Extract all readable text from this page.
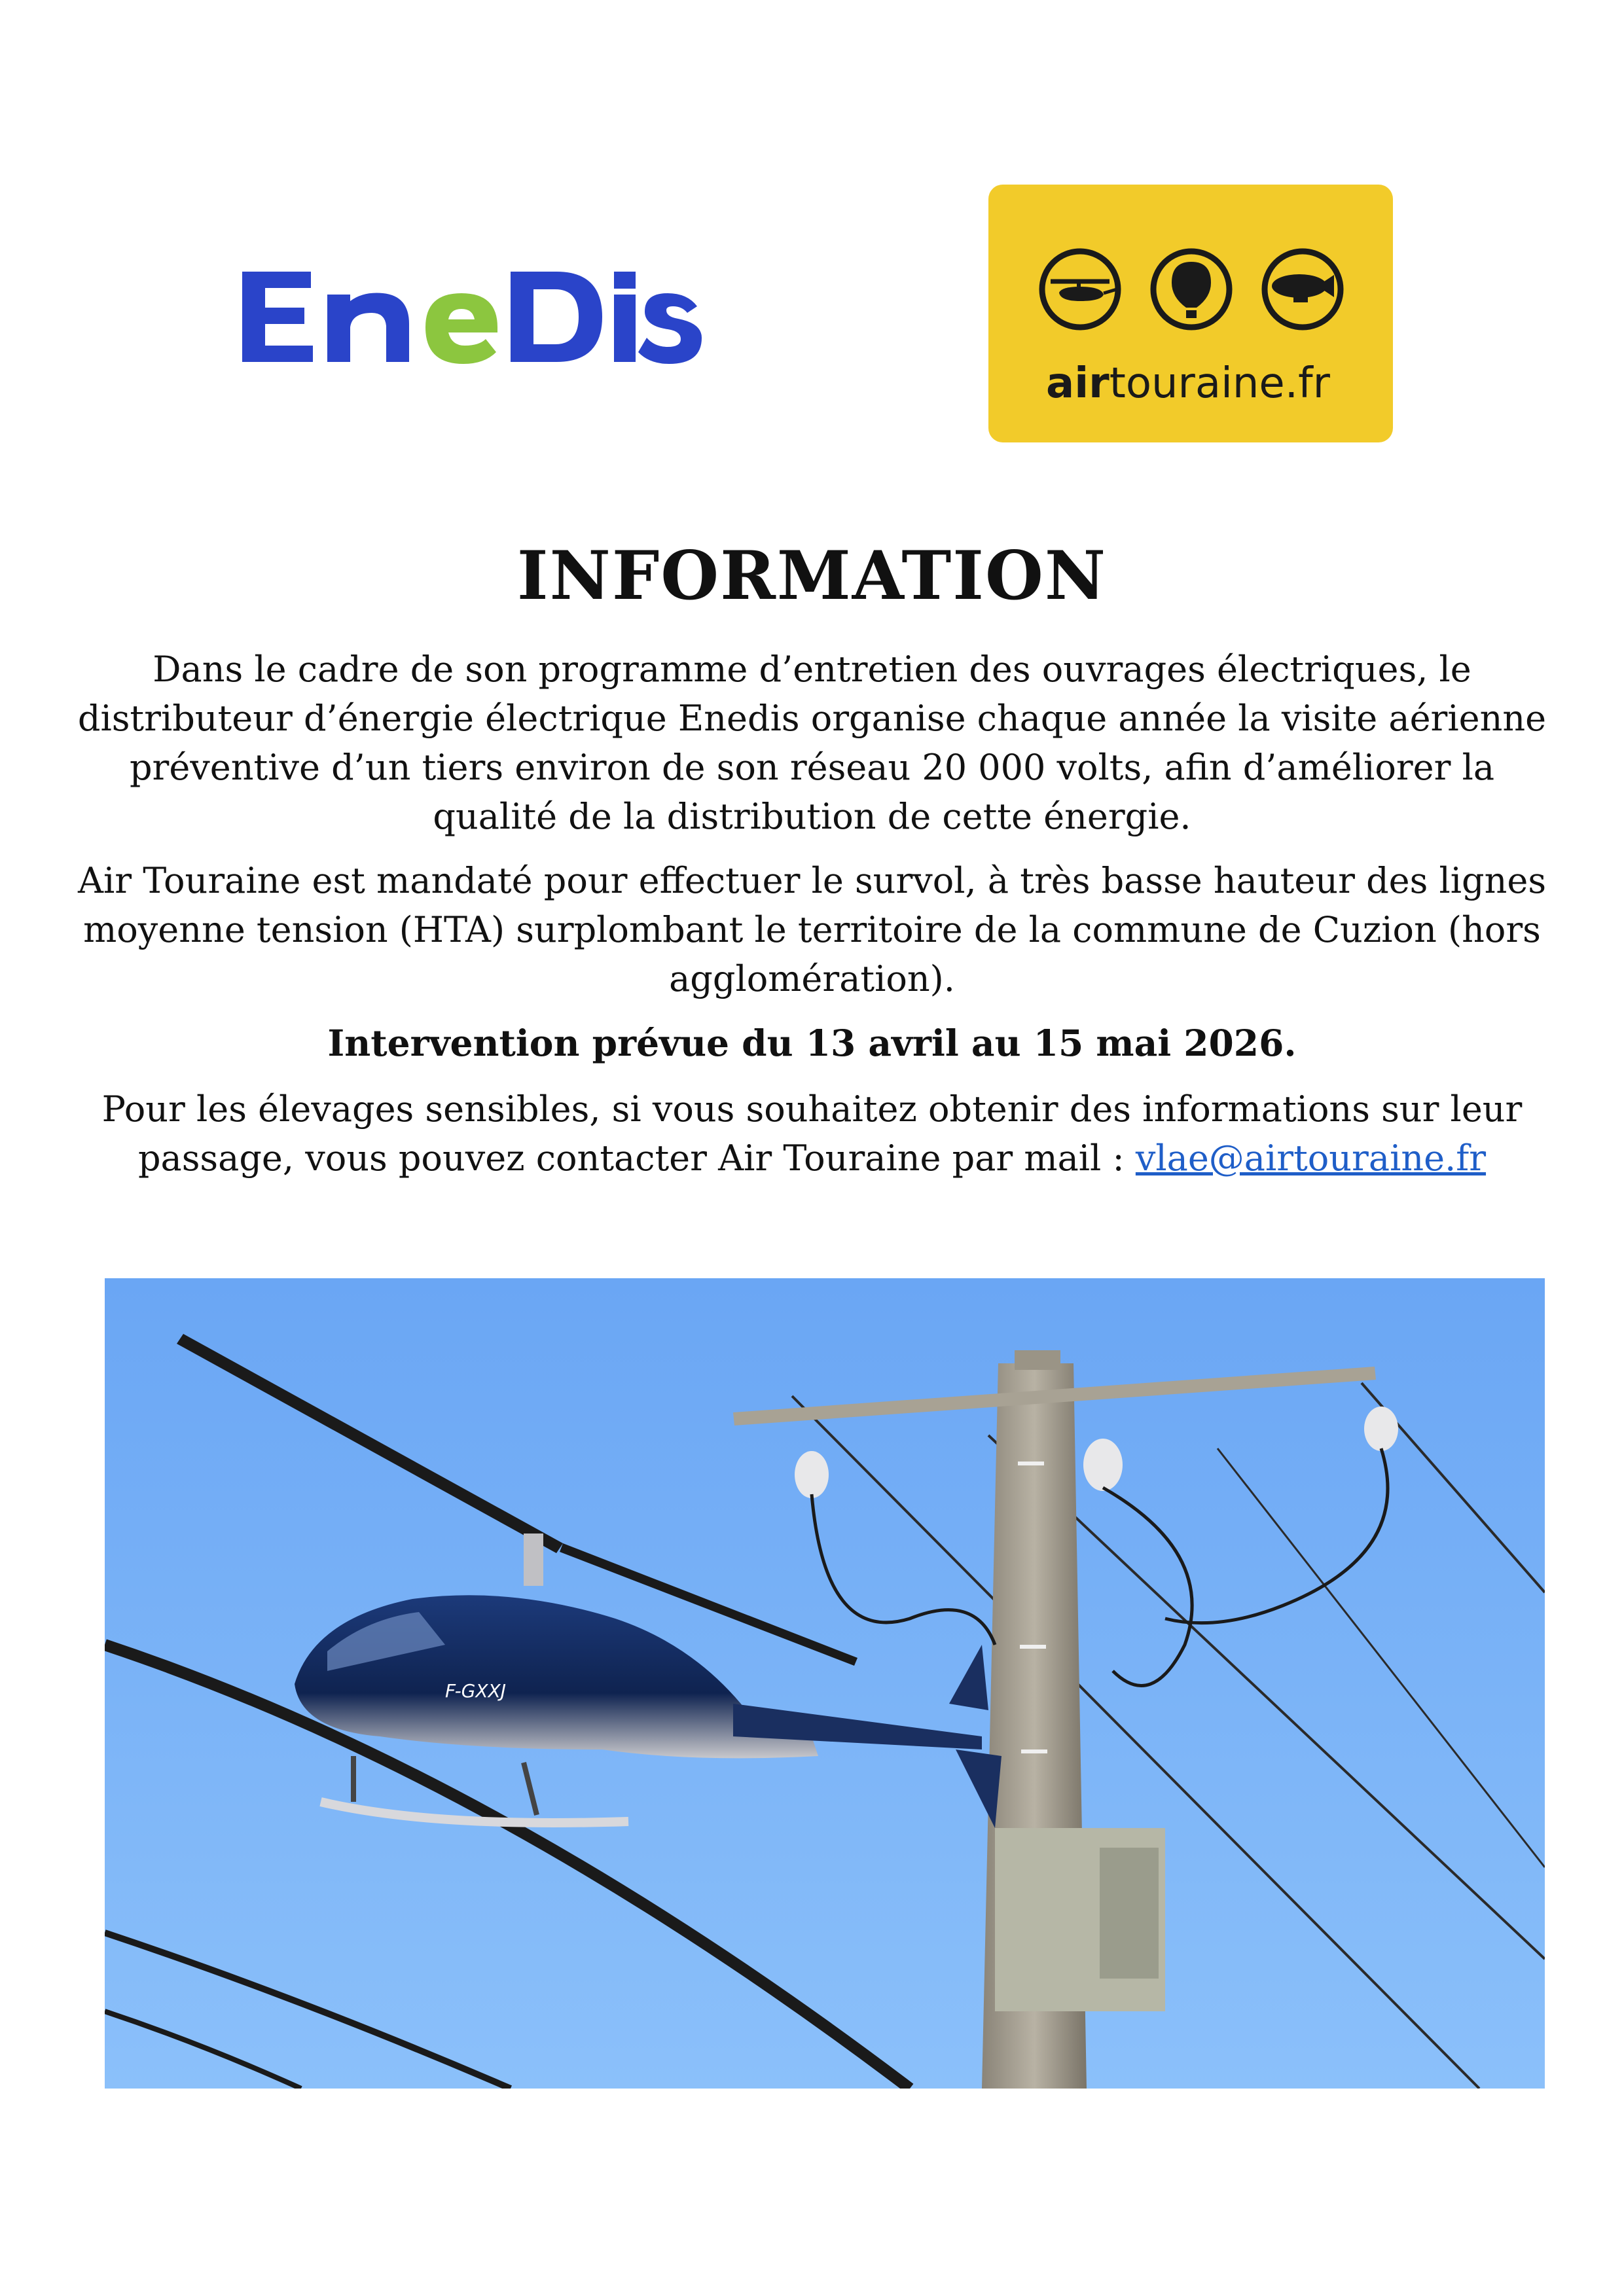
airtouraine.fr
INFORMATION

Dans le cadre de son programme d’entretien des ouvrages électriques, le distributeur d’énergie électrique Enedis organise chaque année la visite aérienne préventive d’un tiers environ de son réseau 20 000 volts, afin d’améliorer la qualité de la distribution de cette énergie.

Air Touraine est mandaté pour effectuer le survol, à très basse hauteur des lignes moyenne tension (HTA) surplombant le territoire de la commune de Cuzion (hors agglomération).

Intervention prévue du 13 avril au 15 mai 2026.

Pour les élevages sensibles, si vous souhaitez obtenir des informations sur leur passage, vous pouvez contacter Air Touraine par mail : vlae@airtouraine.fr

F-GXXJ
